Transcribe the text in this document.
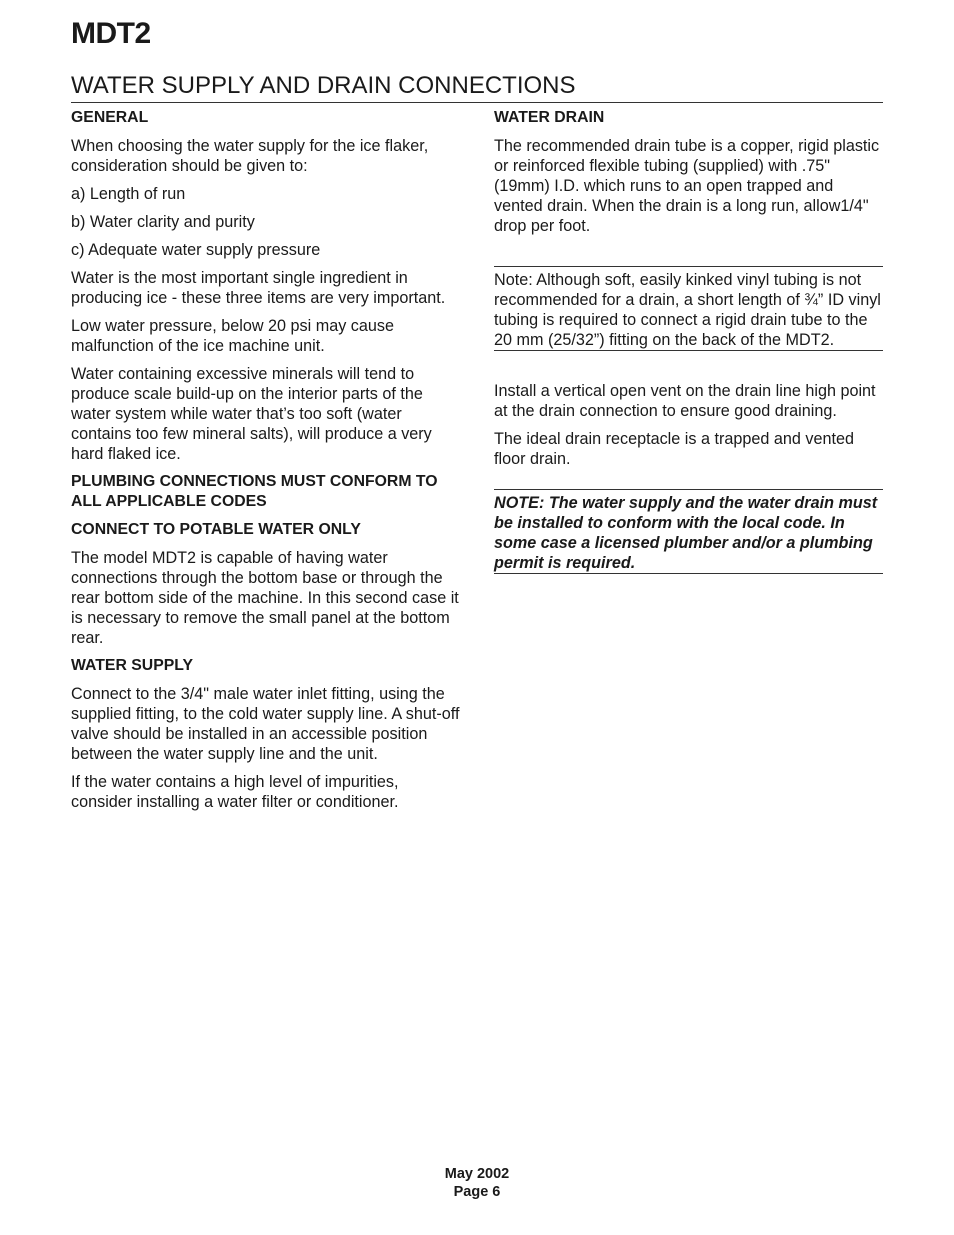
MDT2
WATER SUPPLY AND DRAIN CONNECTIONS
GENERAL
When choosing the water supply for the ice flaker, consideration should be given to:
a) Length of run
b) Water clarity and purity
c) Adequate water supply pressure
Water is the most important single ingredient in producing ice - these three items are very important.
Low water pressure, below 20 psi may cause malfunction of the ice machine unit.
Water containing excessive minerals will tend to produce scale build-up on the interior parts of the water system while water that’s too soft (water contains too few mineral salts), will produce a very hard flaked ice.
PLUMBING CONNECTIONS MUST CONFORM TO ALL APPLICABLE CODES
CONNECT TO POTABLE WATER ONLY
The model MDT2 is capable of having water connections through the bottom base or through the rear bottom side of the machine. In this second case it is necessary to remove the small panel at the bottom rear.
WATER SUPPLY
Connect to the 3/4" male water inlet fitting, using the supplied fitting, to the cold water supply line. A shut-off valve should be installed in an accessible position between the water supply line and the unit.
If the water contains a high level of impurities, consider installing a water filter or conditioner.
WATER DRAIN
The recommended drain tube is a copper, rigid plastic or reinforced flexible tubing (supplied) with .75" (19mm) I.D. which runs to an open trapped and vented drain. When the drain is a long run, allow1/4" drop per foot.
Note: Although soft, easily kinked vinyl tubing is not recommended for a drain, a short length of ¾” ID vinyl tubing is required to connect a rigid drain tube to the 20 mm (25/32”) fitting on the back of the MDT2.
Install a vertical open vent on the drain line high point at the drain connection to ensure good draining.
The ideal drain receptacle is a trapped and vented floor drain.
NOTE: The water supply and the water drain must be installed to conform with the local code. In some case a licensed plumber and/or a plumbing permit is required.
May 2002
Page 6
